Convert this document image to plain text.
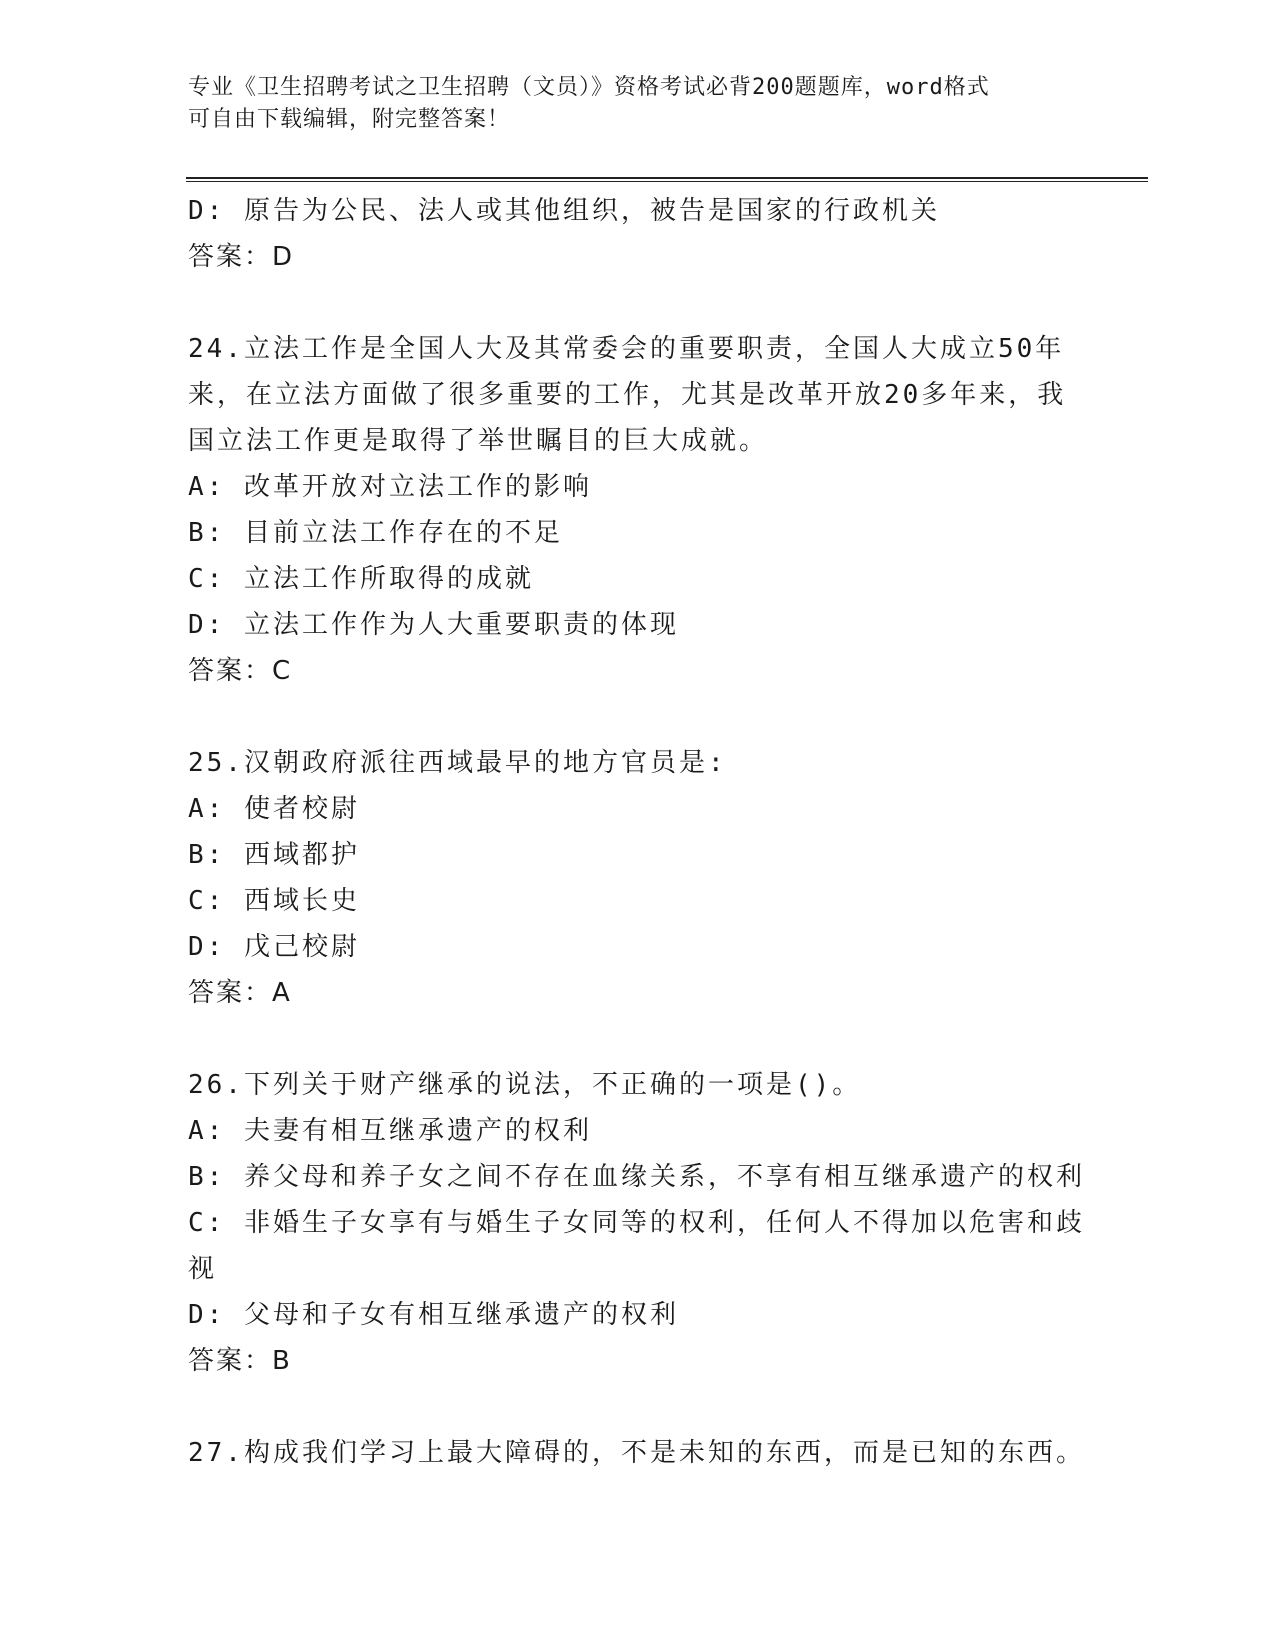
专业《卫生招聘考试之卫生招聘（文员）》资格考试必背200题题库，word格式
可自由下载编辑，附完整答案！
D: 原告为公民、法人或其他组织，被告是国家的行政机关
答案：D
24.立法工作是全国人大及其常委会的重要职责，全国人大成立50年
来，在立法方面做了很多重要的工作，尤其是改革开放20多年来，我
国立法工作更是取得了举世瞩目的巨大成就。
A: 改革开放对立法工作的影响
B: 目前立法工作存在的不足
C: 立法工作所取得的成就
D: 立法工作作为人大重要职责的体现
答案：C
25.汉朝政府派往西域最早的地方官员是:
A: 使者校尉
B: 西域都护
C: 西域长史
D: 戊己校尉
答案：A
26.下列关于财产继承的说法，不正确的一项是()。
A: 夫妻有相互继承遗产的权利
B: 养父母和养子女之间不存在血缘关系，不享有相互继承遗产的权利
C: 非婚生子女享有与婚生子女同等的权利，任何人不得加以危害和歧
视
D: 父母和子女有相互继承遗产的权利
答案：B
27.构成我们学习上最大障碍的，不是未知的东西，而是已知的东西。
